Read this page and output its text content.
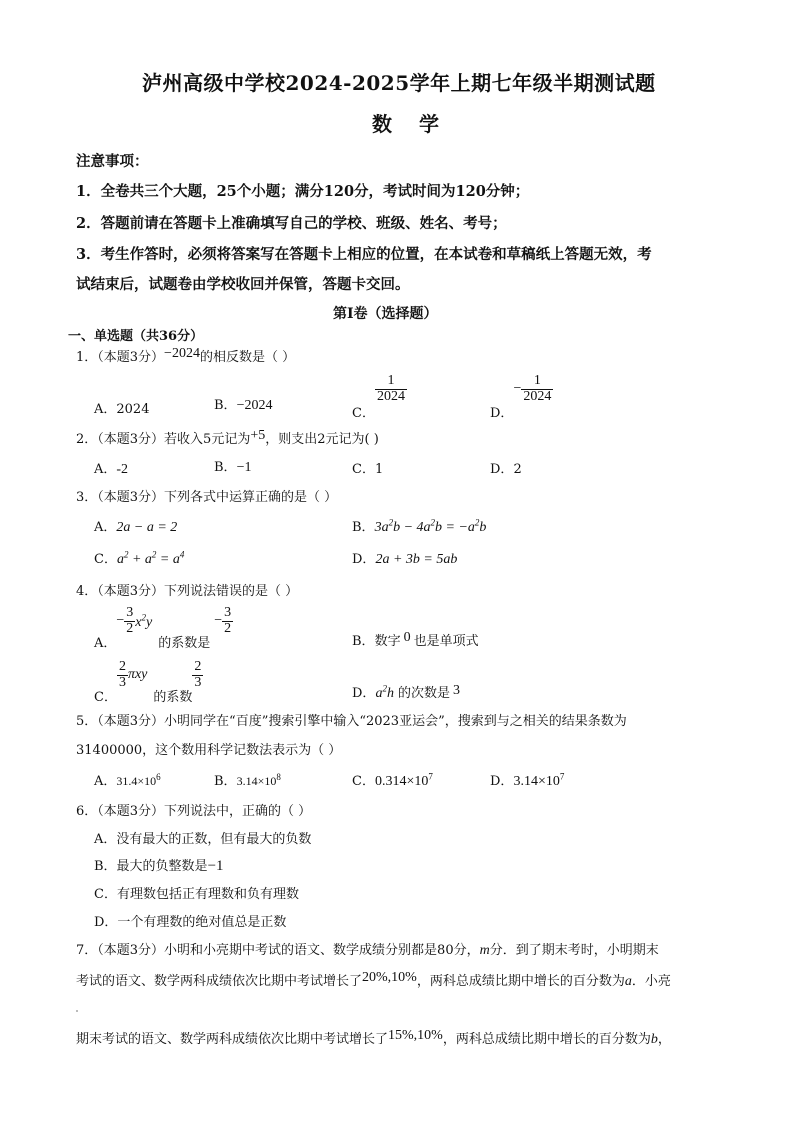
泸州高级中学校2024-2025学年上期七年级半期测试题
数 学
注意事项：
1．全卷共三个大题，25个小题；满分120分，考试时间为120分钟；
2．答题前请在答题卡上准确填写自己的学校、班级、姓名、考号；
3．考生作答时，必须将答案写在答题卡上相应的位置，在本试卷和草稿纸上答题无效，考
试结束后，试题卷由学校收回并保管，答题卡交回。
第Ⅰ卷（选择题）
一、单选题（共36分）
1．（本题3分）−2024的相反数是（ ）
A．2024	B．−2024
C．
$\frac{1}{2024}$
D．− $\frac{1}{2024}$
2．（本题3分）若收入5元记为+5，则支出2元记为( )
A．-2	B．−1	C．1	D．2
3．（本题3分）下列各式中运算正确的是（ ）
A．2a − a = 2	B．$3a^2b - 4a^2b = -a^2b$
C．$a^2 + a^2 = a^4$	D．2a + 3b = 5ab
4．（本题3分）下列说法错误的是（ ）
A．− $\frac{3}{2} x^2y$的系数是− $\frac{3}{2}$
B．数字 0 也是单项式
C．
$\frac{2}{3}$ πxy的系数
$\frac{2}{3}$
D．$a^2h$ 的次数是 3
5．（本题3分）小明同学在“百度”搜索引擎中输入“2023亚运会”，搜索到与之相关的结果条数为
31400000，这个数用科学记数法表示为（ ）
A．$31.4\times 10^6$	B．$3.14\times 10^8$	C．$0.314\times 10^7$	D．$3.14\times 10^7$
6．（本题3分）下列说法中，正确的（ ）
A．没有最大的正数，但有最大的负数
B．最大的负整数是−1
C．有理数包括正有理数和负有理数
D．一个有理数的绝对值总是正数
7．（本题3分）小明和小亮期中考试的语文、数学成绩分别都是80分，m分．到了期末考时，小明期末
考试的语文、数学两科成绩依次比期中考试增长了20%,10%，两科总成绩比期中增长的百分数为a．小亮
期末考试的语文、数学两科成绩依次比期中考试增长了15%,10%，两科总成绩比期中增长的百分数为b，
